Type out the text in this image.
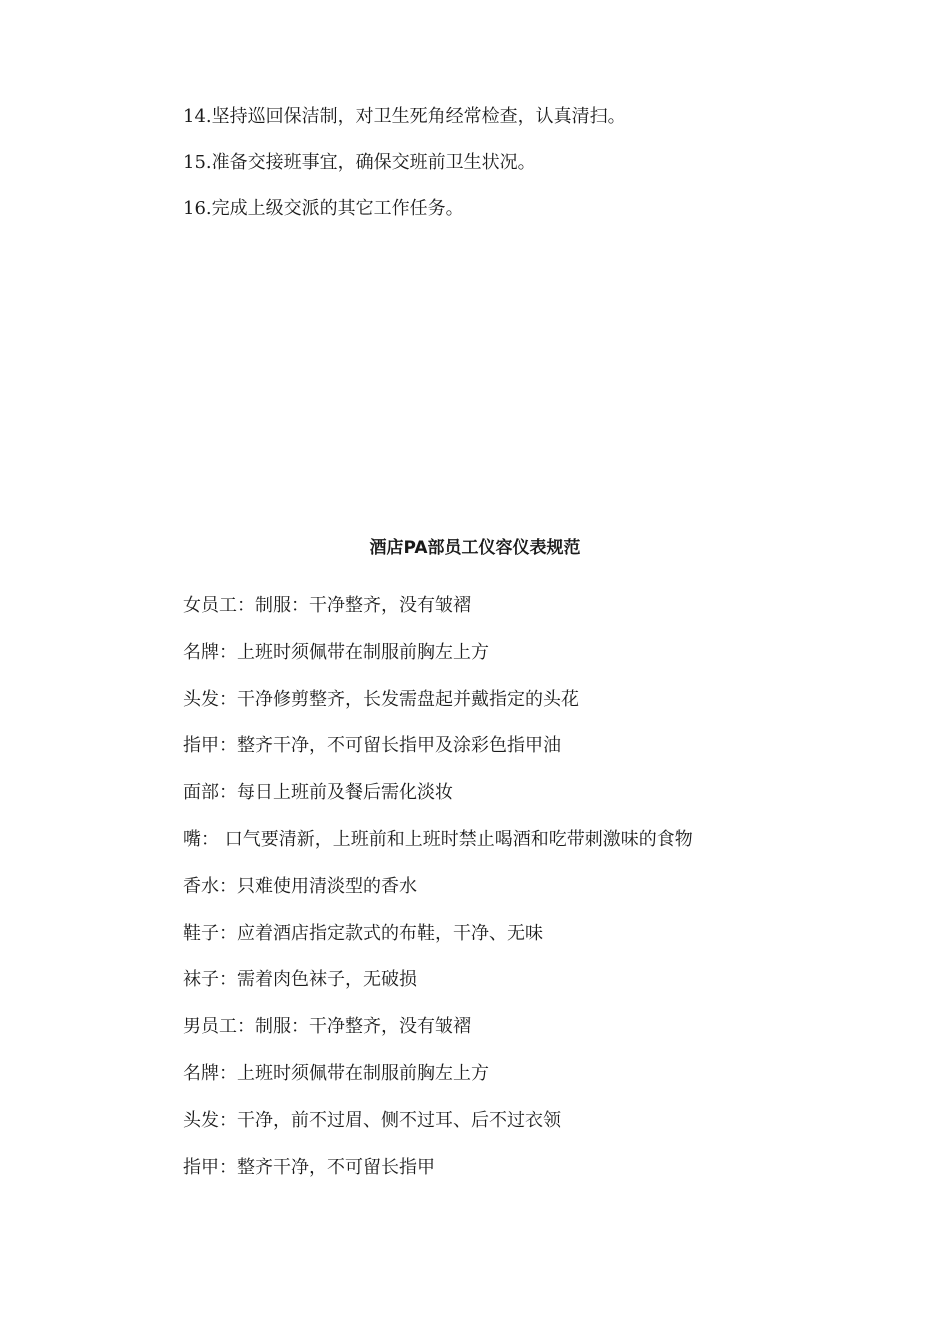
14.坚持巡回保洁制，对卫生死角经常检查，认真清扫。
15.准备交接班事宜，确保交班前卫生状况。
16.完成上级交派的其它工作任务。
酒店PA部员工仪容仪表规范
女员工：制服：干净整齐，没有皱褶
名牌：上班时须佩带在制服前胸左上方
头发：干净修剪整齐，长发需盘起并戴指定的头花
指甲：整齐干净，不可留长指甲及涂彩色指甲油
面部：每日上班前及餐后需化淡妆
嘴： 口气要清新，上班前和上班时禁止喝酒和吃带刺激味的食物
香水：只难使用清淡型的香水
鞋子：应着酒店指定款式的布鞋，干净、无味
袜子：需着肉色袜子，无破损
男员工：制服：干净整齐，没有皱褶
名牌：上班时须佩带在制服前胸左上方
头发：干净，前不过眉、侧不过耳、后不过衣领
指甲：整齐干净，不可留长指甲
